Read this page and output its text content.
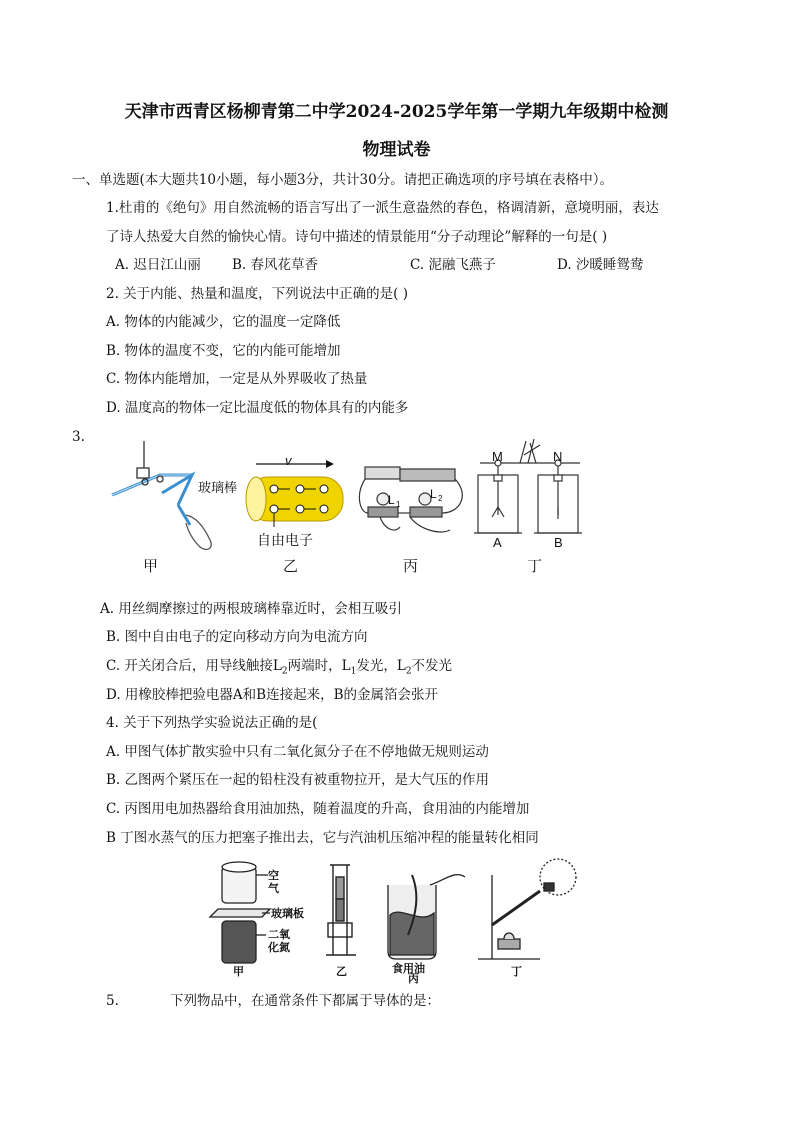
天津市西青区杨柳青第二中学2024-2025学年第一学期九年级期中检测
物理试卷
一、单选题(本大题共10小题，每小题3分，共计30分。请把正确选项的序号填在表格中）。
1.杜甫的《绝句》用自然流畅的语言写出了一派生意盎然的春色，格调清新，意境明丽，表达
了诗人热爱大自然的愉快心情。诗句中描述的情景能用“分子动理论”解释的一句是( )
A. 迟日江山丽 B. 春风花草香	C. 泥融飞燕子	D. 沙暖睡鸳鸯
2. 关于内能、热量和温度，下列说法中正确的是( )
A. 物体的内能减少，它的温度一定降低
B. 物体的温度不变，它的内能可能增加
C. 物体内能增加，一定是从外界吸收了热量
D. 温度高的物体一定比温度低的物体具有的内能多
3.
玻璃棒
v
自由电子
L 1
L 2
M	N
A	B
甲	乙	丙	丁
A. 用丝绸摩擦过的两根玻璃棒靠近时，会相互吸引
B. 图中自由电子的定向移动方向为电流方向
C. 开关闭合后，用导线触接$L_2$两端时，$L_1$发光，$L_2$不发光
D. 用橡胶棒把验电器A和B连接起来，B的金属箔会张开
4. 关于下列热学实验说法正确的是(
A. 甲图气体扩散实验中只有二氧化氮分子在不停地做无规则运动
B. 乙图两个紧压在一起的铅柱没有被重物拉开，是大气压的作用
C. 丙图用电加热器给食用油加热，随着温度的升高，食用油的内能增加
B 丁图水蒸气的压力把塞子推出去，它与汽油机压缩冲程的能量转化相同
空
气
玻璃板
二氧
化氮
食用油
甲	乙
丙
丁
5.	下列物品中，在通常条件下都属于导体的是：
